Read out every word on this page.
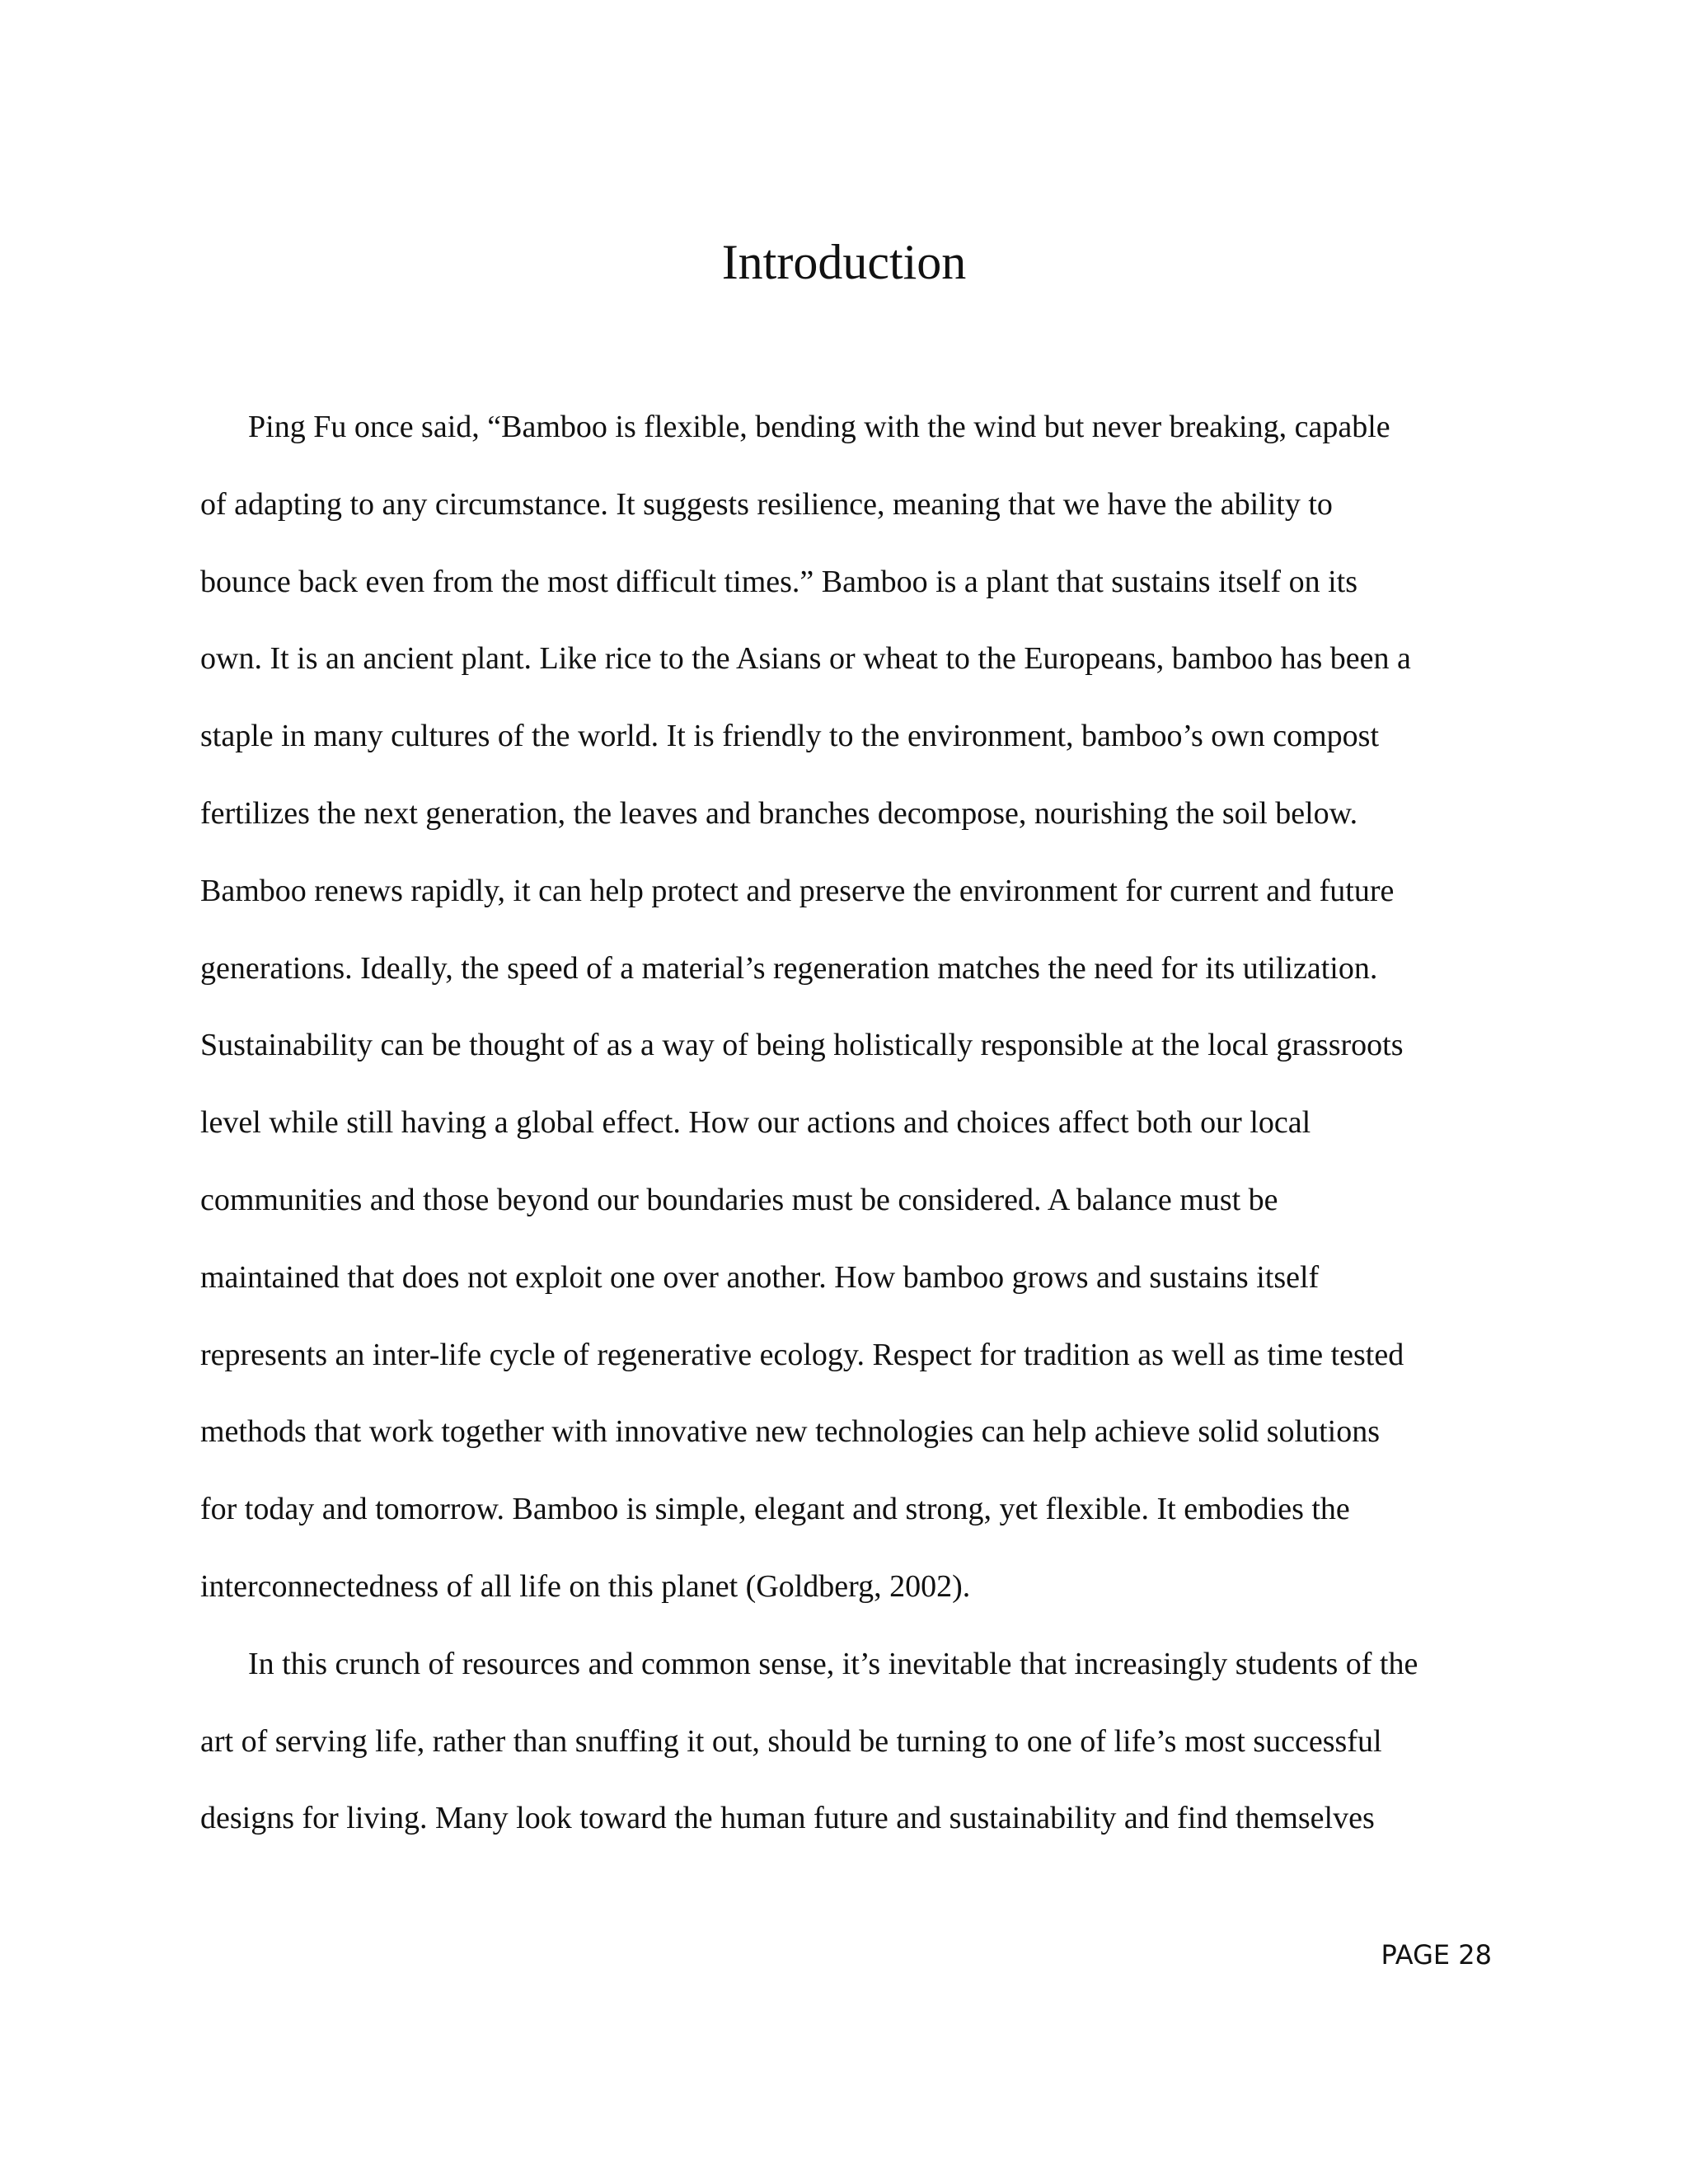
Introduction
Ping Fu once said, “Bamboo is flexible, bending with the wind but never breaking, capable
of adapting to any circumstance. It suggests resilience, meaning that we have the ability to
bounce back even from the most difficult times.” Bamboo is a plant that sustains itself on its
own. It is an ancient plant. Like rice to the Asians or wheat to the Europeans, bamboo has been a
staple in many cultures of the world. It is friendly to the environment, bamboo’s own compost
fertilizes the next generation, the leaves and branches decompose, nourishing the soil below.
Bamboo renews rapidly, it can help protect and preserve the environment for current and future
generations. Ideally, the speed of a material’s regeneration matches the need for its utilization.
Sustainability can be thought of as a way of being holistically responsible at the local grassroots
level while still having a global effect. How our actions and choices affect both our local
communities and those beyond our boundaries must be considered. A balance must be
maintained that does not exploit one over another. How bamboo grows and sustains itself
represents an inter-life cycle of regenerative ecology. Respect for tradition as well as time tested
methods that work together with innovative new technologies can help achieve solid solutions
for today and tomorrow. Bamboo is simple, elegant and strong, yet flexible. It embodies the
interconnectedness of all life on this planet (Goldberg, 2002).
In this crunch of resources and common sense, it’s inevitable that increasingly students of the
art of serving life, rather than snuffing it out, should be turning to one of life’s most successful
designs for living. Many look toward the human future and sustainability and find themselves
PAGE 28
